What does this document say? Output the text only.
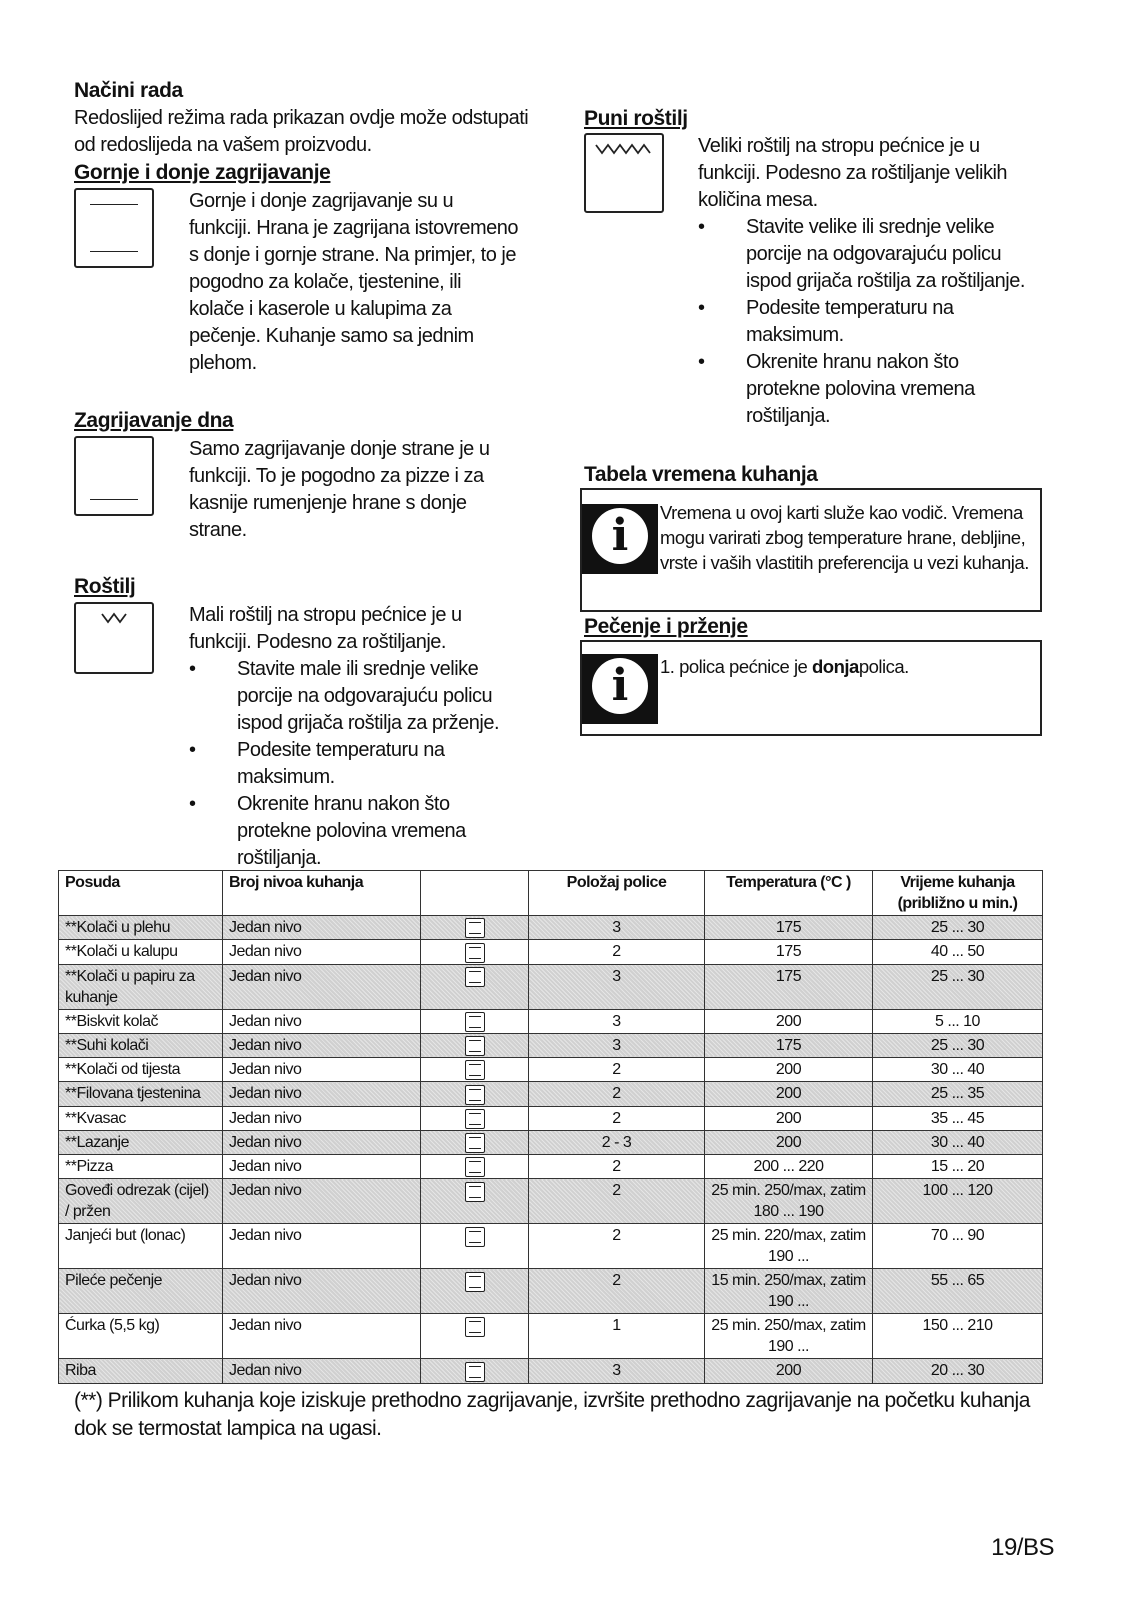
Načini rada
Redoslijed režima rada prikazan ovdje može odstupati od redoslijeda na vašem proizvodu.
Gornje i donje zagrijavanje
Gornje i donje zagrijavanje su u funkciji. Hrana je zagrijana istovremeno s donje i gornje strane. Na primjer, to je pogodno za kolače, tjestenine, ili kolače i kaserole u kalupima za pečenje. Kuhanje samo sa jednim plehom.
Zagrijavanje dna
Samo zagrijavanje donje strane je u funkciji. To je pogodno za pizze i za kasnije rumenjenje hrane s donje strane.
Roštilj
Mali roštilj na stropu pećnice je u funkciji. Podesno za roštiljanje.
• Stavite male ili srednje velike porcije na odgovarajuću policu ispod grijača roštilja za prženje.
• Podesite temperaturu na maksimum.
• Okrenite hranu nakon što protekne polovina vremena roštiljanja.
Puni roštilj
Veliki roštilj na stropu pećnice je u funkciji. Podesno za roštiljanje velikih količina mesa.
• Stavite velike ili srednje velike porcije na odgovarajuću policu ispod grijača roštilja za roštiljanje.
• Podesite temperaturu na maksimum.
• Okrenite hranu nakon što protekne polovina vremena roštiljanja.
Tabela vremena kuhanja
i	Vremena u ovoj karti služe kao vodič. Vremena mogu varirati zbog temperature hrane, debljine, vrste i vaših vlastitih preferencija u vezi kuhanja.
Pečenje i prženje
i	1. polica pećnice je donjapolica.
Posuda	Broj nivoa kuhanja		Položaj police	Temperatura (°C )	Vrijeme kuhanja (približno u min.)
**Kolači u plehu	Jedan nivo		3	175	25 ... 30
**Kolači u kalupu	Jedan nivo		2	175	40 ... 50
**Kolači u papiru za kuhanje	Jedan nivo		3	175	25 ... 30
**Biskvit kolač	Jedan nivo		3	200	5 ... 10
**Suhi kolači	Jedan nivo		3	175	25 ... 30
**Kolači od tijesta	Jedan nivo		2	200	30 ... 40
**Filovana tjestenina	Jedan nivo		2	200	25 ... 35
**Kvasac	Jedan nivo		2	200	35 ... 45
**Lazanje	Jedan nivo		2 - 3	200	30 ... 40
**Pizza	Jedan nivo		2	200 ... 220	15 ... 20
Goveđi odrezak (cijel) / pržen	Jedan nivo		2	25 min. 250/max, zatim 180 ... 190	100 ... 120
Janjeći but (lonac)	Jedan nivo		2	25 min. 220/max, zatim 190 ...	70 ... 90
Pileće pečenje	Jedan nivo		2	15 min. 250/max, zatim 190 ...	55 ... 65
Ćurka (5,5 kg)	Jedan nivo		1	25 min. 250/max, zatim 190 ...	150 ... 210
Riba	Jedan nivo		3	200	20 ... 30
(**) Prilikom kuhanja koje iziskuje prethodno zagrijavanje, izvršite prethodno zagrijavanje na početku kuhanja dok se termostat lampica na ugasi.
19/BS
